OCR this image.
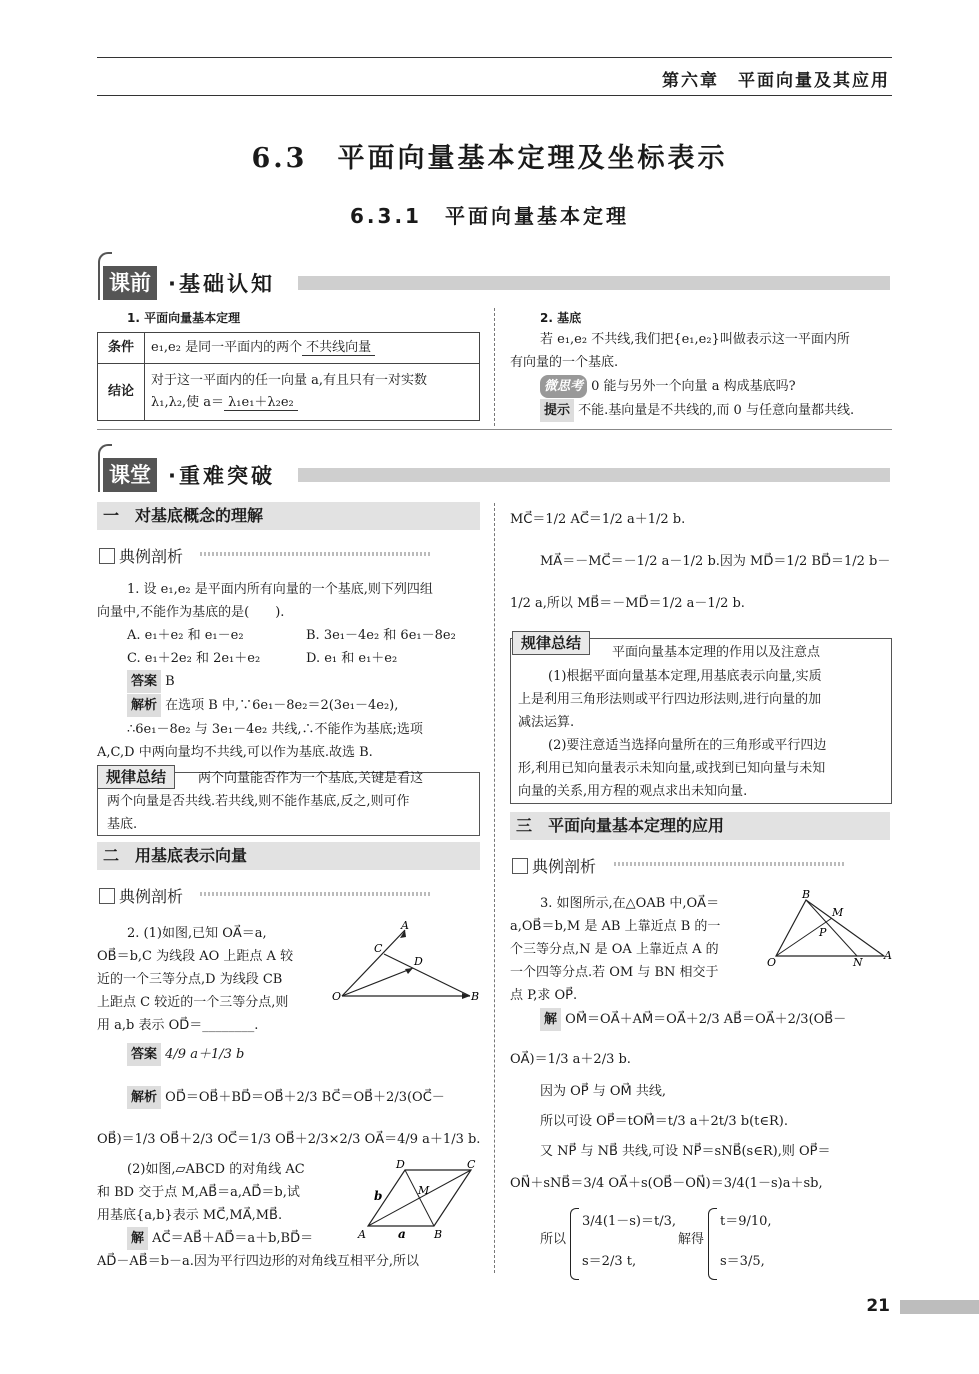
第六章　平面向量及其应用
6.3　平面向量基本定理及坐标表示
6.3.1　平面向量基本定理
课前 ·基础认知
1. 平面向量基本定理
条件	e₁,e₂ 是同一平面内的两个 不共线向量
结论	对于这一平面内的任一向量 a,有且只有一对实数
λ₁,λ₂,使 a＝ λ₁e₁＋λ₂e₂
2. 基底
若 e₁,e₂ 不共线,我们把{e₁,e₂}叫做表示这一平面内所
有向量的一个基底.
微思考 0 能与另外一个向量 a 构成基底吗?
提示 不能.基向量是不共线的,而 0 与任意向量都共线.
课堂 ·重难突破
一　对基底概念的理解
典例剖析
1. 设 e₁,e₂ 是平面内所有向量的一个基底,则下列四组
向量中,不能作为基底的是(　　).
A. e₁＋e₂ 和 e₁－e₂	B. 3e₁－4e₂ 和 6e₁－8e₂
C. e₁＋2e₂ 和 2e₁＋e₂	D. e₁ 和 e₁＋e₂
答案 B
解析 在选项 B 中,∵6e₁－8e₂＝2(3e₁－4e₂),
∴6e₁－8e₂ 与 3e₁－4e₂ 共线,∴不能作为基底;选项
A,C,D 中两向量均不共线,可以作为基底.故选 B.
规律总结	两个向量能否作为一个基底,关键是看这
两个向量是否共线.若共线,则不能作基底,反之,则可作
基底.
二　用基底表示向量
典例剖析
2. (1)如图,已知 OA⃗＝a,
OB⃗＝b,C 为线段 AO 上距点 A 较
近的一个三等分点,D 为线段 CB
上距点 C 较近的一个三等分点,则
用 a,b 表示 OD⃗＝________.
A
C
D
O	B
答案 4/9 a＋1/3 b
解析 OD⃗＝OB⃗＋BD⃗＝OB⃗＋2/3 BC⃗＝OB⃗＋2/3(OC⃗－
OB⃗)＝1/3 OB⃗＋2/3 OC⃗＝1/3 OB⃗＋2/3×2/3 OA⃗＝4/9 a＋1/3 b.
(2)如图,▱ABCD 的对角线 AC
和 BD 交于点 M,AB⃗＝a,AD⃗＝b,试
用基底{a,b}表示 MC⃗,MA⃗,MB⃗.
解 AC⃗＝AB⃗＋AD⃗＝a＋b,BD⃗＝
AD⃗－AB⃗＝b－a.因为平行四边形的对角线互相平分,所以
D	C
M
b
A	a	B
MC⃗＝1/2 AC⃗＝1/2 a＋1/2 b.
MA⃗＝－MC⃗＝－1/2 a－1/2 b.因为 MD⃗＝1/2 BD⃗＝1/2 b－
1/2 a,所以 MB⃗＝－MD⃗＝1/2 a－1/2 b.
规律总结
平面向量基本定理的作用以及注意点
(1)根据平面向量基本定理,用基底表示向量,实质
上是利用三角形法则或平行四边形法则,进行向量的加
减法运算.
(2)要注意适当选择向量所在的三角形或平行四边
形,利用已知向量表示未知向量,或找到已知向量与未知
向量的关系,用方程的观点求出未知向量.
三　平面向量基本定理的应用
典例剖析
3. 如图所示,在△OAB 中,OA⃗＝
a,OB⃗＝b,M 是 AB 上靠近点 B 的一
个三等分点,N 是 OA 上靠近点 A 的
一个四等分点.若 OM 与 BN 相交于
点 P,求 OP⃗.
B
M
P
O	N
A
解 OM⃗＝OA⃗＋AM⃗＝OA⃗＋2/3 AB⃗＝OA⃗＋2/3(OB⃗－
OA⃗)＝1/3 a＋2/3 b.
因为 OP⃗ 与 OM⃗ 共线,
所以可设 OP⃗＝tOM⃗＝t/3 a＋2t/3 b(t∈R).
又 NP⃗ 与 NB⃗ 共线,可设 NP⃗＝sNB⃗(s∈R),则 OP⃗＝
ON⃗＋sNB⃗＝3/4 OA⃗＋s(OB⃗－ON⃗)＝3/4(1－s)a＋sb,
所以
3/4(1－s)＝t/3,
s＝2/3 t,
解得
t＝9/10,
s＝3/5,
21
